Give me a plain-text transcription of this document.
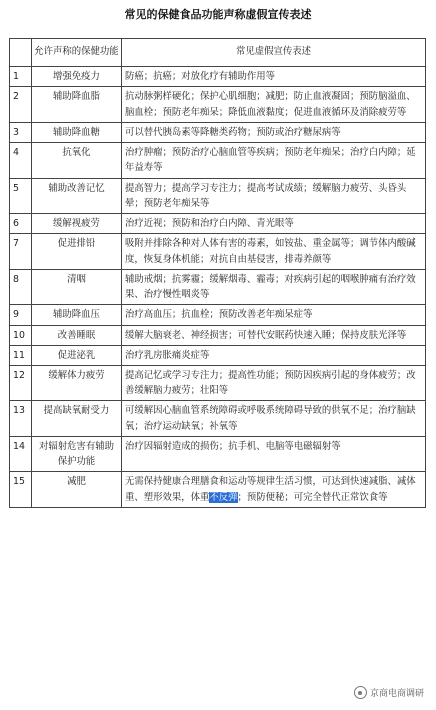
常见的保健食品功能声称虚假宣传表述
	允许声称的保健功能	常见虚假宣传表述
1	增强免疫力	防癌；抗癌；对放化疗有辅助作用等
2	辅助降血脂	抗动脉粥样硬化；保护心肌细胞；减肥；防止血液凝固；预防脑溢血、脑血栓；预防老年痴呆；降低血液黏度；促进血液循环及消除疲劳等
3	辅助降血糖	可以替代胰岛素等降糖类药物；预防或治疗糖尿病等
4	抗氧化	治疗肿瘤；预防治疗心脑血管等疾病；预防老年痴呆；治疗白内障；延年益寿等
5	辅助改善记忆	提高智力；提高学习专注力；提高考试成绩；缓解脑力疲劳、头昏头晕；预防老年痴呆等
6	缓解视疲劳	治疗近视；预防和治疗白内障、青光眼等
7	促进排铅	吸附并排除各种对人体有害的毒素，如铵盐、重金属等；调节体内酸碱度，恢复身体机能；对抗自由基侵害，排毒养颜等
8	清咽	辅助戒烟；抗雾霾；缓解烟毒、霾毒；对疾病引起的咽喉肿痛有治疗效果、治疗慢性咽炎等
9	辅助降血压	治疗高血压；抗血栓；预防改善老年痴呆症等
10	改善睡眠	缓解大脑衰老、神经损害；可替代安眠药快速入睡；保持皮肤光泽等
11	促进泌乳	治疗乳房胀痛炎症等
12	缓解体力疲劳	提高记忆或学习专注力；提高性功能；预防因疾病引起的身体疲劳；改善缓解脑力疲劳；壮阳等
13	提高缺氧耐受力	可缓解因心脑血管系统障碍或呼吸系统障碍导致的供氧不足；治疗脑缺氧；治疗运动缺氧；补氧等
14	对辐射危害有辅助保护功能	治疗因辐射造成的损伤；抗手机、电脑等电磁辐射等
15	减肥	无需保持健康合理膳食和运动等规律生活习惯，可达到快速减脂、减体重、塑形效果，体重不反弹；预防便秘；可完全替代正常饮食等
京商电商调研
